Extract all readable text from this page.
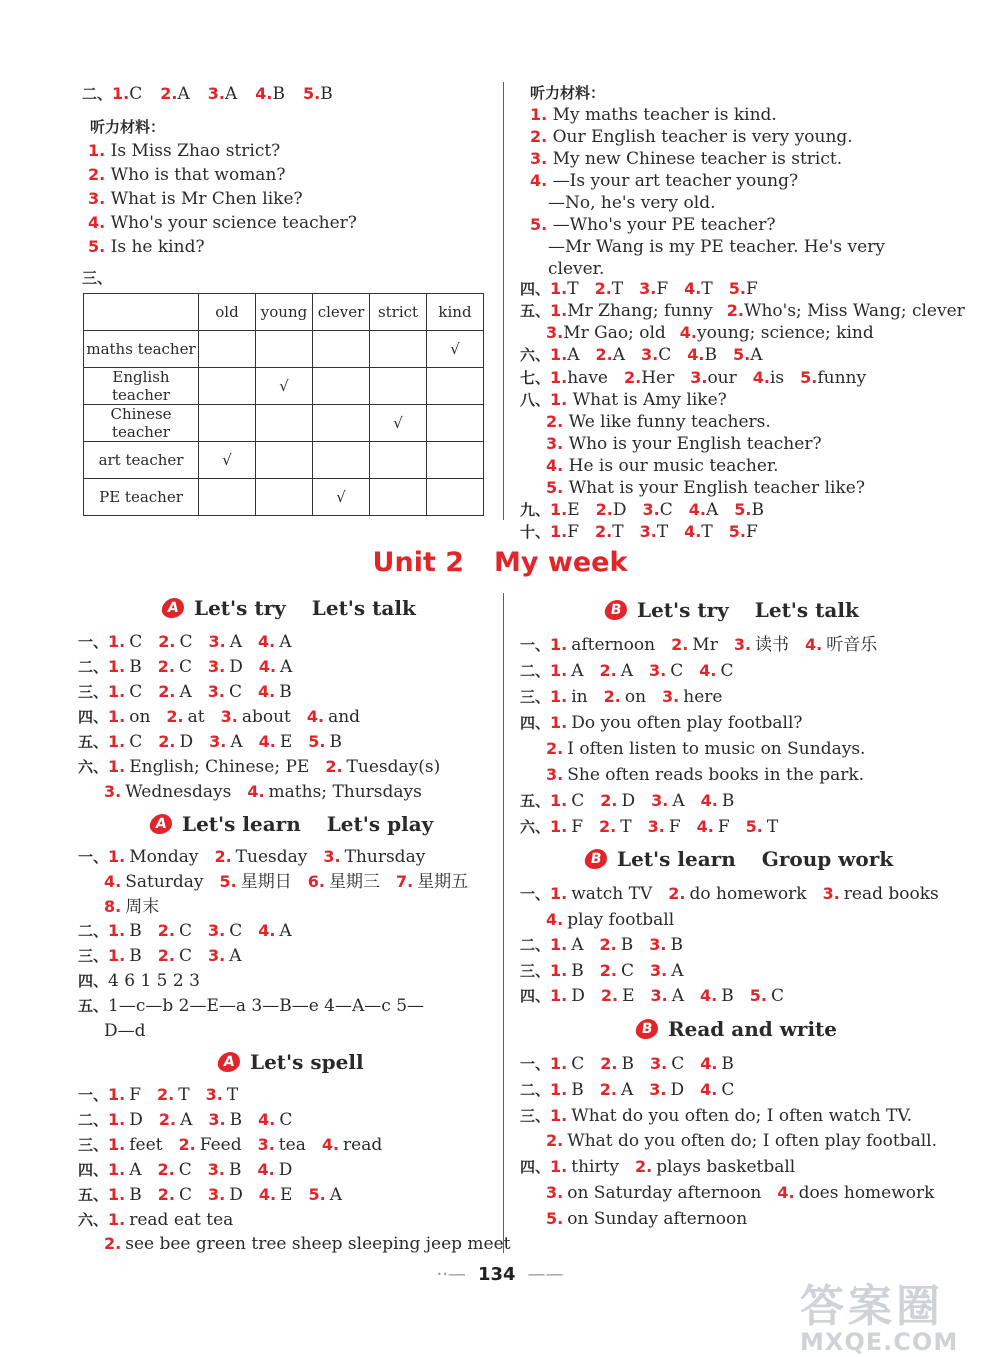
二、1.C 2.A 3.A 4.B 5.B
听力材料：
1. Is Miss Zhao strict?
2. Who is that woman?
3. What is Mr Chen like?
4. Who's your science teacher?
5. Is he kind?
三、
	old	young	clever	strict	kind
maths teacher					√
English teacher		√			
Chinese teacher				√	
art teacher	√				
PE teacher			√		
听力材料：
1. My maths teacher is kind.
2. Our English teacher is very young.
3. My new Chinese teacher is strict.
4. —Is your art teacher young?
—No, he's very old.
5. —Who's your PE teacher?
—Mr Wang is my PE teacher. He's very
clever.
四、1.T 2.T 3.F 4.T 5.F
五、1.Mr Zhang; funny 2.Who's; Miss Wang; clever
3.Mr Gao; old 4.young; science; kind
六、1.A 2.A 3.C 4.B 5.A
七、1.have 2.Her 3.our 4.is 5.funny
八、1. What is Amy like?
2. We like funny teachers.
3. Who is your English teacher?
4. He is our music teacher.
5. What is your English teacher like?
九、1.E 2.D 3.C 4.A 5.B
十、1.F 2.T 3.T 4.T 5.F
Unit 2 My week
A Let's try Let's talk
A Let's learn Let's play
A Let's spell
B Let's try Let's talk
B Let's learn Group work
B Read and write
一、1. C 2. C 3. A 4. A
二、1. B 2. C 3. D 4. A
三、1. C 2. A 3. C 4. B
四、1. on 2. at 3. about 4. and
五、1. C 2. D 3. A 4. E 5. B
六、1. English; Chinese; PE 2. Tuesday(s)
3. Wednesdays 4. maths; Thursdays
一、1. Monday 2. Tuesday 3. Thursday
4. Saturday 5. 星期日 6. 星期三 7. 星期五
8. 周末
二、1. B 2. C 3. C 4. A
三、1. B 2. C 3. A
四、4 6 1 5 2 3
五、1—c—b 2—E—a 3—B—e 4—A—c 5—
D—d
一、1. F 2. T 3. T
二、1. D 2. A 3. B 4. C
三、1. feet 2. Feed 3. tea 4. read
四、1. A 2. C 3. B 4. D
五、1. B 2. C 3. D 4. E 5. A
六、1. read eat tea
2. see bee green tree sheep sleeping jeep meet
一、1. afternoon 2. Mr 3. 读书 4. 听音乐
二、1. A 2. A 3. C 4. C
三、1. in 2. on 3. here
四、1. Do you often play football?
2. I often listen to music on Sundays.
3. She often reads books in the park.
五、1. C 2. D 3. A 4. B
六、1. F 2. T 3. F 4. F 5. T
一、1. watch TV 2. do homework 3. read books
4. play football
二、1. A 2. B 3. B
三、1. B 2. C 3. A
四、1. D 2. E 3. A 4. B 5. C
一、1. C 2. B 3. C 4. B
二、1. B 2. A 3. D 4. C
三、1. What do you often do; I often watch TV.
2. What do you often do; I often play football.
四、1. thirty 2. plays basketball
3. on Saturday afternoon 4. does homework
5. on Sunday afternoon
··— 134 ——
答案圈
MXQE.COM
